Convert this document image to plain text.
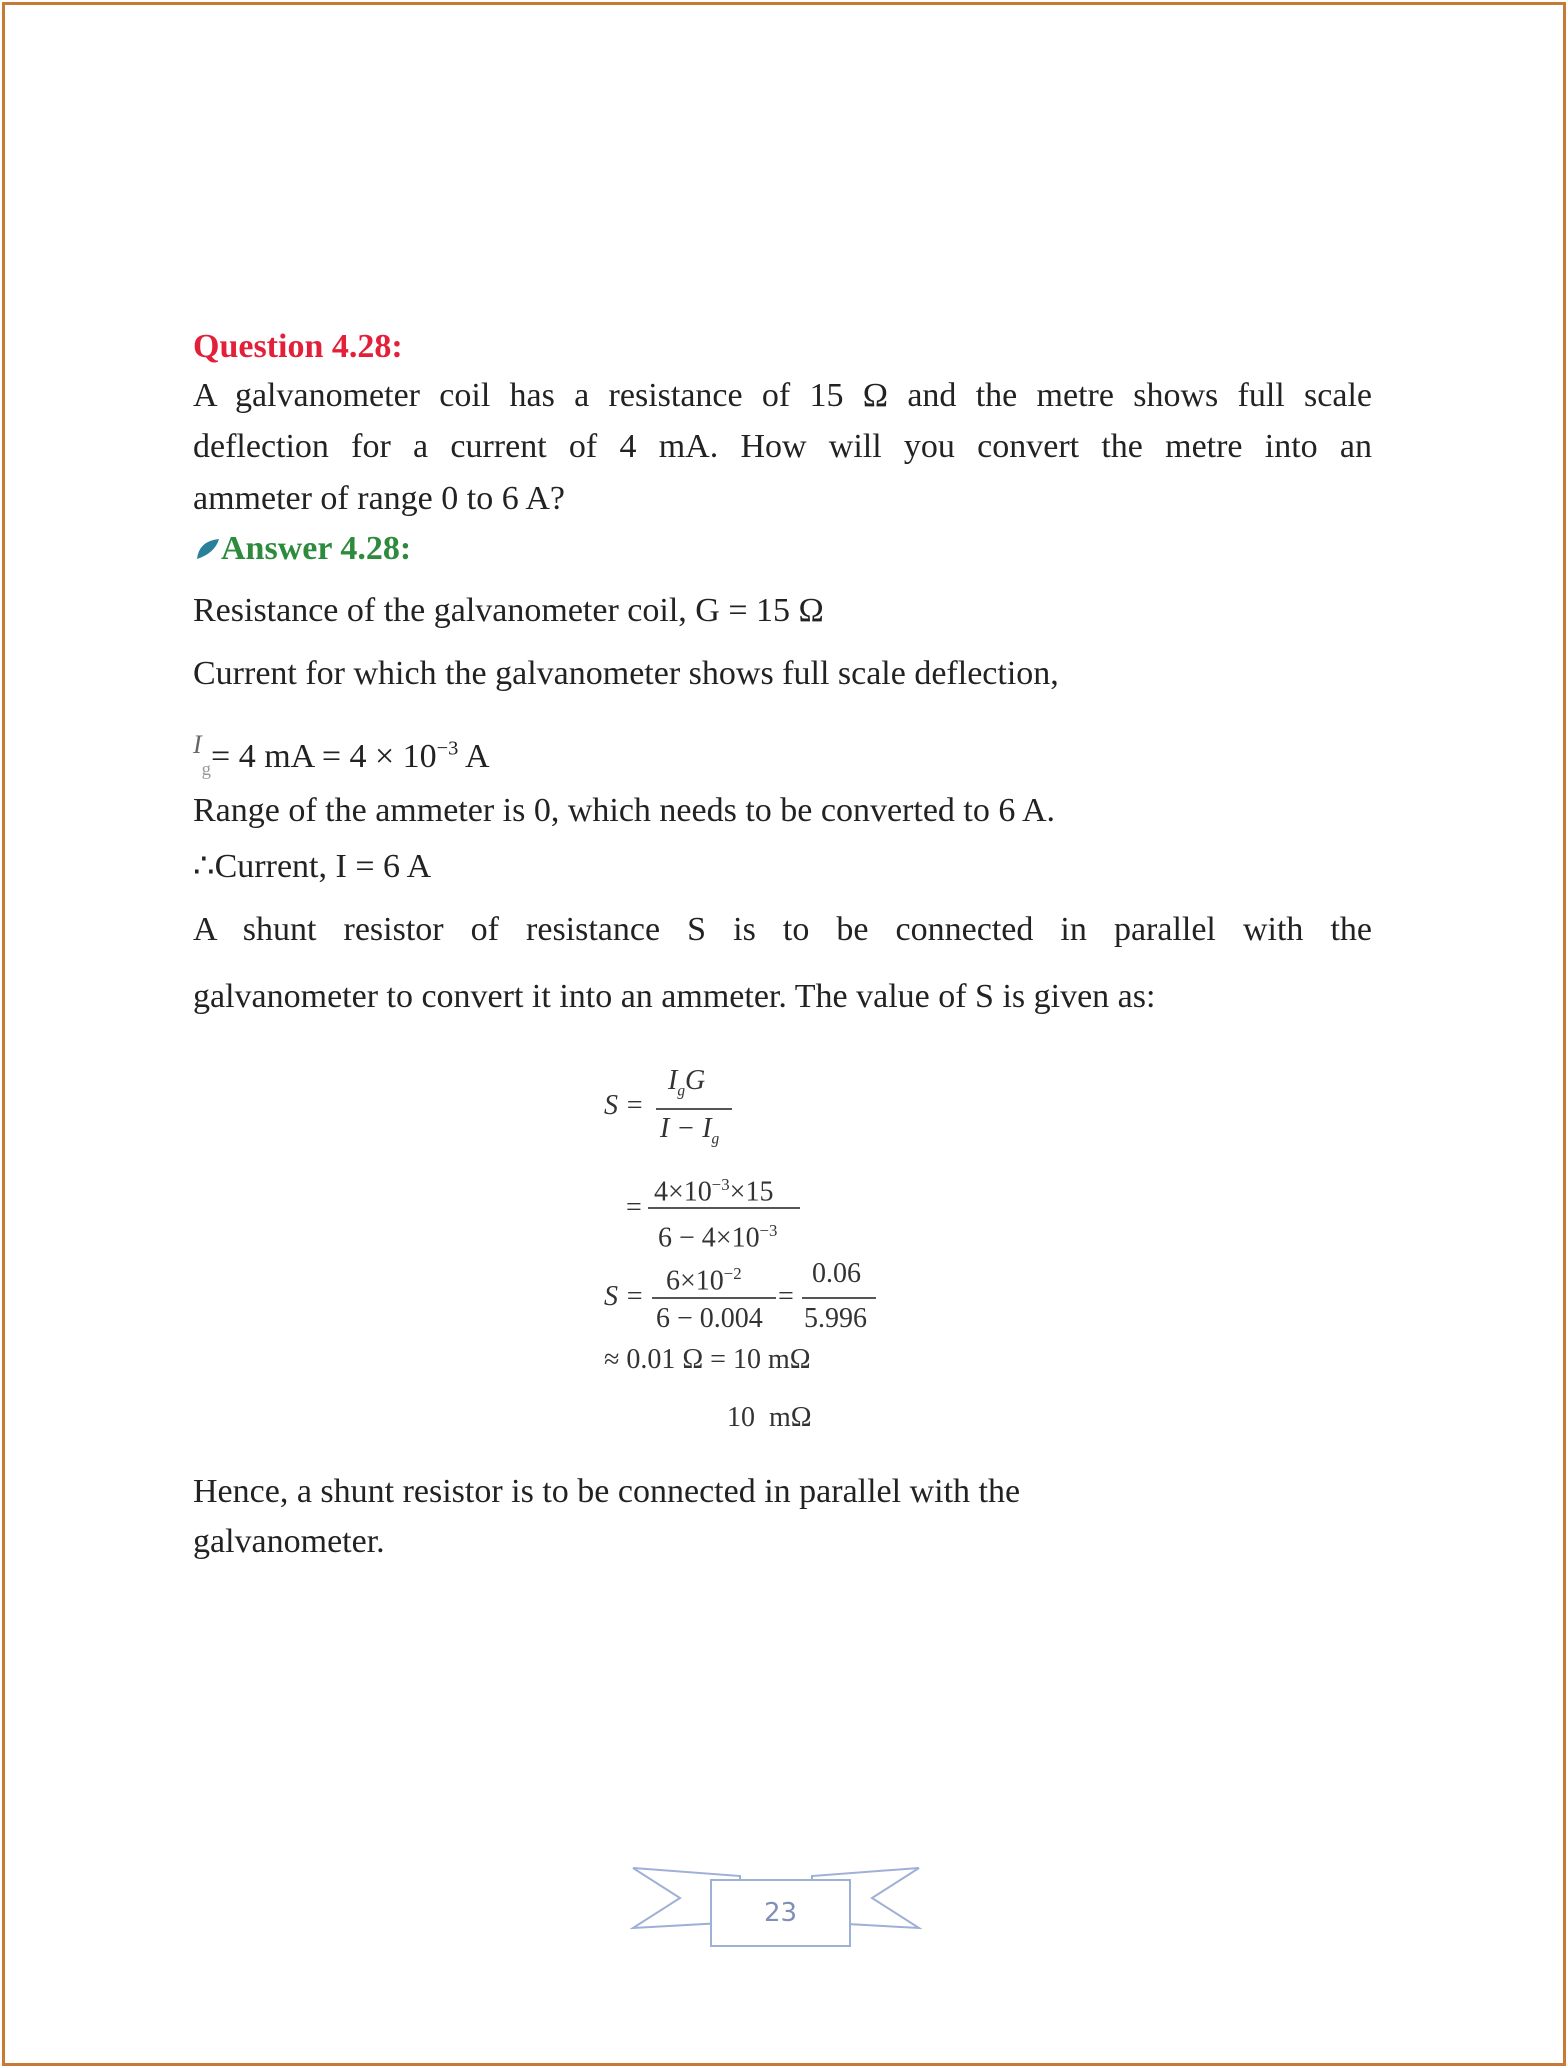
Question 4.28:
A galvanometer coil has a resistance of 15 Ω and the metre shows full scale
deflection for a current of 4 mA. How will you convert the metre into an
ammeter of range 0 to 6 A?
Answer 4.28:
Resistance of the galvanometer coil, G = 15 Ω
Current for which the galvanometer shows full scale deflection,
$^I_g$= 4 mA = $4 \times 10^{-3}$ A
Range of the ammeter is 0, which needs to be converted to 6 A.
∴Current, I = 6 A
A shunt resistor of resistance S is to be connected in parallel with the
galvanometer to convert it into an ammeter. The value of S is given as:
S =
$I_gG$
$I - I_g$
=
$4\times 10^{-3}\times 15$
$6 - 4\times 10^{-3}$
S =
$6\times 10^{-2}$
6 − 0.004
=
0.06
5.996
≈ 0.01 Ω = 10 mΩ
10  mΩ
Hence, a shunt resistor is to be connected in parallel with the
galvanometer.
23
